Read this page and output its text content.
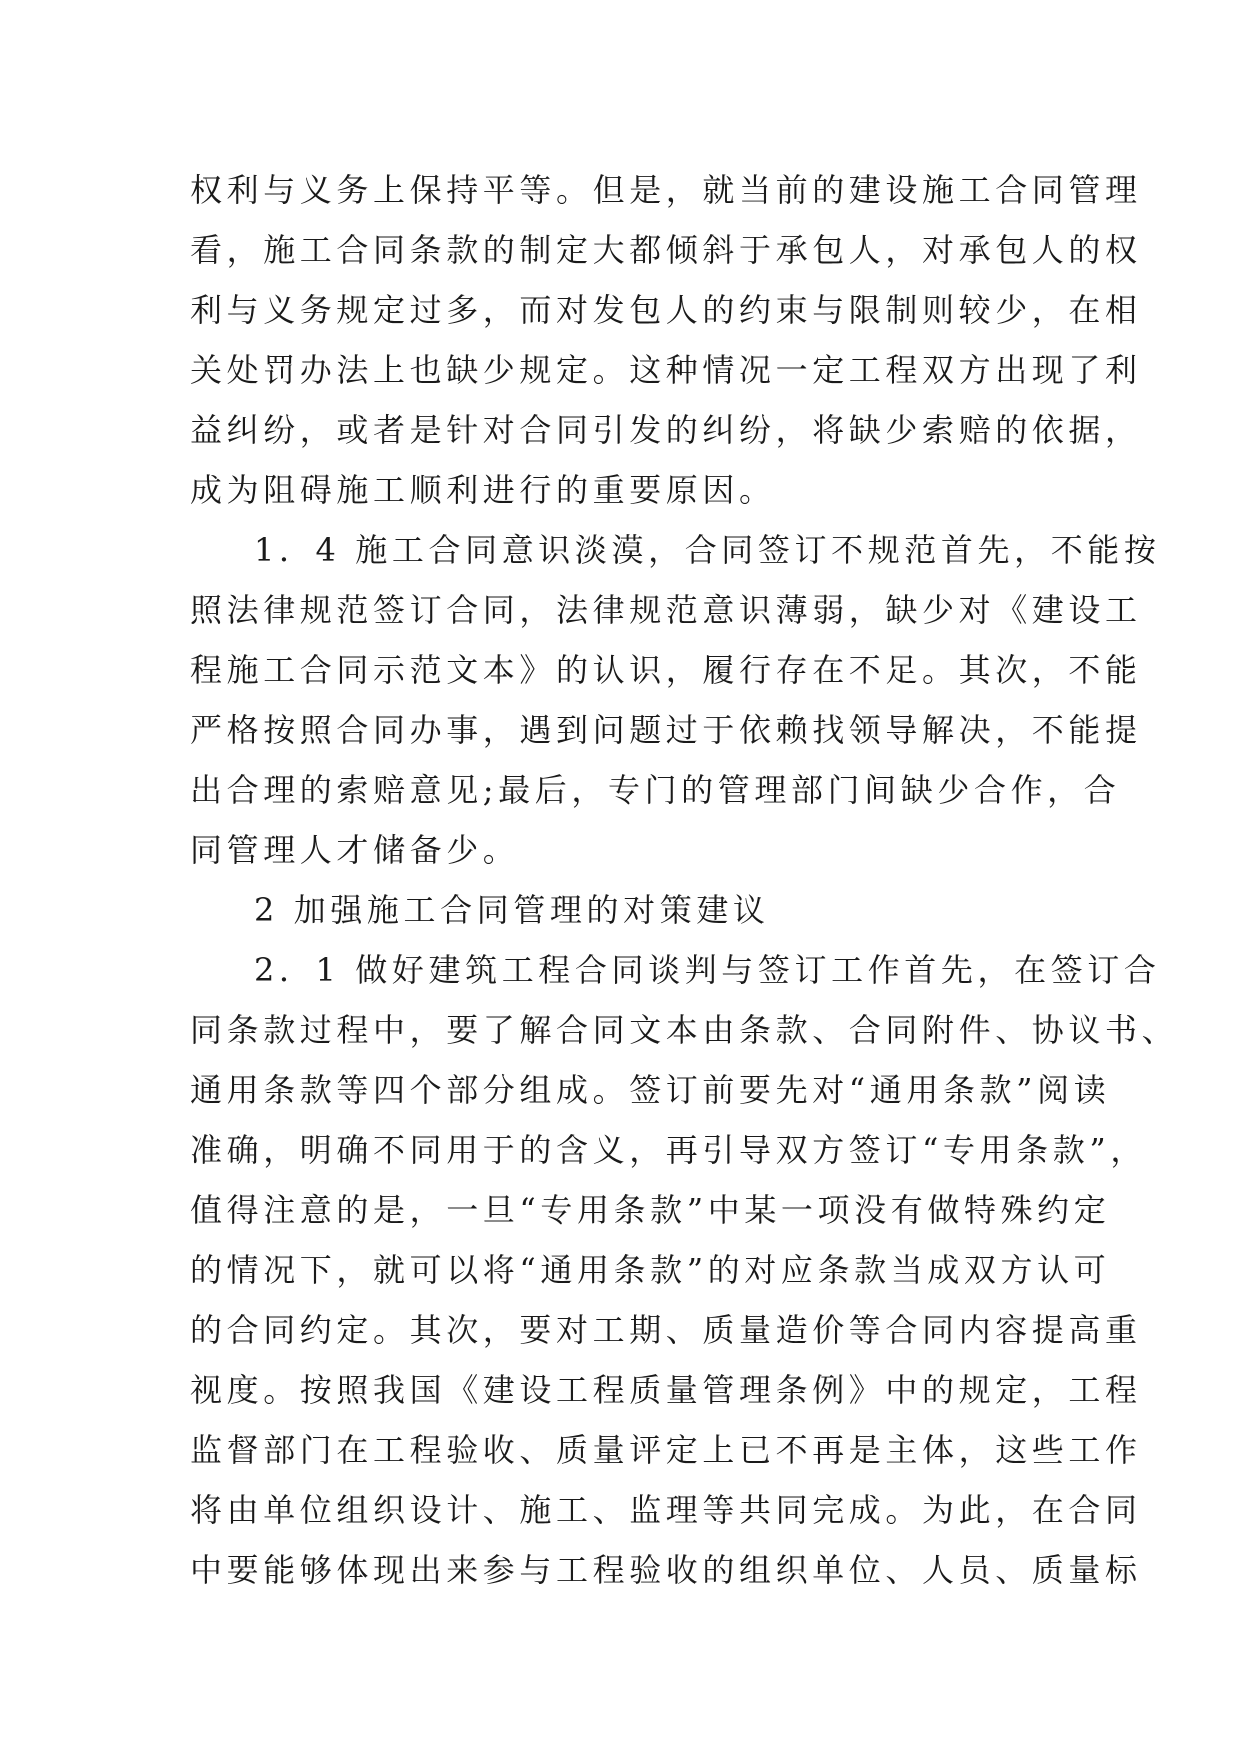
权利与义务上保持平等。但是，就当前的建设施工合同管理
看，施工合同条款的制定大都倾斜于承包人，对承包人的权
利与义务规定过多，而对发包人的约束与限制则较少，在相
关处罚办法上也缺少规定。这种情况一定工程双方出现了利
益纠纷，或者是针对合同引发的纠纷，将缺少索赔的依据，
成为阻碍施工顺利进行的重要原因。
1．4 施工合同意识淡漠，合同签订不规范首先，不能按
照法律规范签订合同，法律规范意识薄弱，缺少对《建设工
程施工合同示范文本》的认识，履行存在不足。其次，不能
严格按照合同办事，遇到问题过于依赖找领导解决，不能提
出合理的索赔意见;最后，专门的管理部门间缺少合作，合
同管理人才储备少。
2 加强施工合同管理的对策建议
2．1 做好建筑工程合同谈判与签订工作首先，在签订合
同条款过程中，要了解合同文本由条款、合同附件、协议书、
通用条款等四个部分组成。签订前要先对“通用条款”阅读
准确，明确不同用于的含义，再引导双方签订“专用条款”，
值得注意的是，一旦“专用条款”中某一项没有做特殊约定
的情况下，就可以将“通用条款”的对应条款当成双方认可
的合同约定。其次，要对工期、质量造价等合同内容提高重
视度。按照我国《建设工程质量管理条例》中的规定，工程
监督部门在工程验收、质量评定上已不再是主体，这些工作
将由单位组织设计、施工、监理等共同完成。为此，在合同
中要能够体现出来参与工程验收的组织单位、人员、质量标
